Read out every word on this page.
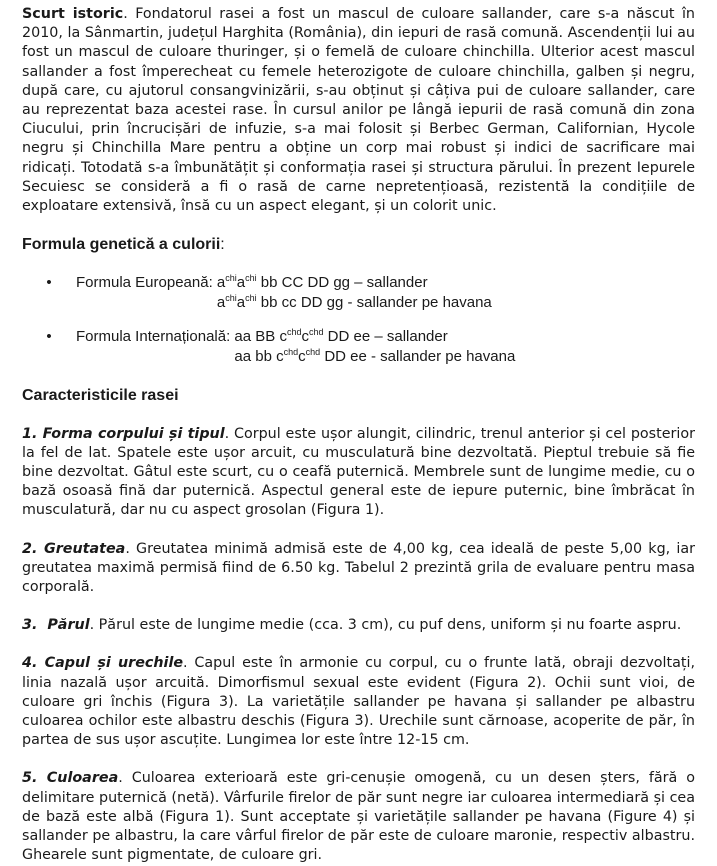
Scurt istoric. Fondatorul rasei a fost un mascul de culoare sallander, care s-a născut în 2010, la Sânmartin, județul Harghita (România), din iepuri de rasă comună. Ascendenții lui au fost un mascul de culoare thuringer, și o femelă de culoare chinchilla. Ulterior acest mascul sallander a fost împerecheat cu femele heterozigote de culoare chinchilla, galben și negru, după care, cu ajutorul consangvinizării, s-au obținut și câțiva pui de culoare sallander, care au reprezentat baza acestei rase. În cursul anilor pe lângă iepurii de rasă comună din zona Ciucului, prin încrucișări de infuzie, s-a mai folosit și Berbec German, Californian, Hycole negru și Chinchilla Mare pentru a obține un corp mai robust și indici de sacrificare mai ridicați. Totodată s-a îmbunătățit și conformația rasei și structura părului. În prezent Iepurele Secuiesc se consideră a fi o rasă de carne nepretențioasă, rezistentă la condițiile de exploatare extensivă, însă cu un aspect elegant, și un colorit unic.

Formula genetică a culorii:

•	Formula Europeană: $a^{chi}a^{chi}$ bb CC DD gg – sallander
$a^{chi}a^{chi}$ bb cc DD gg - sallander pe havana
•	Formula Internațională: aa BB $c^{chd}c^{chd}$ DD ee – sallander
aa bb $c^{chd}c^{chd}$ DD ee - sallander pe havana

Caracteristicile rasei

1. Forma corpului și tipul. Corpul este ușor alungit, cilindric, trenul anterior și cel posterior la fel de lat. Spatele este ușor arcuit, cu musculatură bine dezvoltată. Pieptul trebuie să fie bine dezvoltat. Gâtul este scurt, cu o ceafă puternică. Membrele sunt de lungime medie, cu o bază osoasă fină dar puternică. Aspectul general este de iepure puternic, bine îmbrăcat în musculatură, dar nu cu aspect grosolan (Figura 1).

2. Greutatea. Greutatea minimă admisă este de 4,00 kg, cea ideală de peste 5,00 kg, iar greutatea maximă permisă fiind de 6.50 kg. Tabelul 2 prezintă grila de evaluare pentru masa corporală.

3.  Părul. Părul este de lungime medie (cca. 3 cm), cu puf dens, uniform și nu foarte aspru.

4. Capul și urechile. Capul este în armonie cu corpul, cu o frunte lată, obraji dezvoltați, linia nazală ușor arcuită. Dimorfismul sexual este evident (Figura 2). Ochii sunt vioi, de culoare gri închis (Figura 3). La varietățile sallander pe havana și sallander pe albastru culoarea ochilor este albastru deschis (Figura 3). Urechile sunt cărnoase, acoperite de păr, în partea de sus ușor ascuțite. Lungimea lor este între 12-15 cm.

5. Culoarea. Culoarea exterioară este gri-cenușie omogenă, cu un desen șters, fără o delimitare puternică (netă). Vârfurile firelor de păr sunt negre iar culoarea intermediară și cea de bază este albă (Figura 1). Sunt acceptate și varietățile sallander pe havana (Figure 4) și sallander pe albastru, la care vârful firelor de păr este de culoare maronie, respectiv albastru. Ghearele sunt pigmentate, de culoare gri.
